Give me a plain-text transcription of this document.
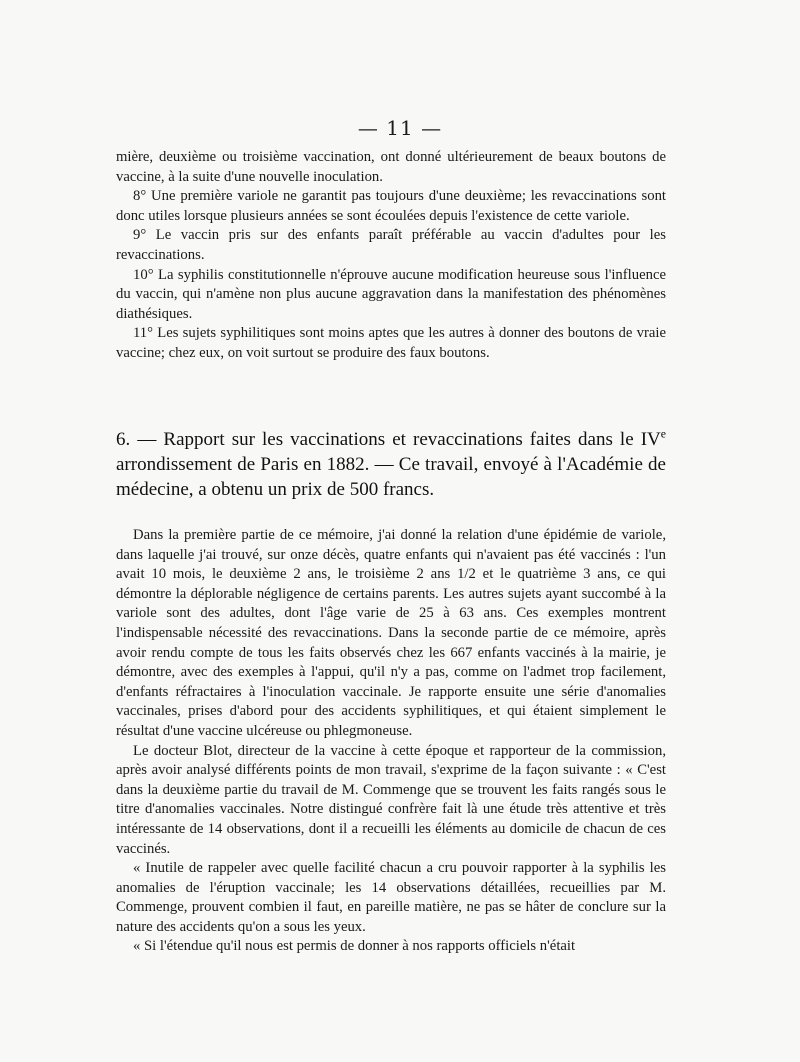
— 11 —

mière, deuxième ou troisième vaccination, ont donné ultérieurement de beaux boutons de vaccine, à la suite d'une nouvelle inoculation.

8° Une première variole ne garantit pas toujours d'une deuxième; les revaccinations sont donc utiles lorsque plusieurs années se sont écoulées depuis l'existence de cette variole.

9° Le vaccin pris sur des enfants paraît préférable au vaccin d'adultes pour les revaccinations.

10° La syphilis constitutionnelle n'éprouve aucune modification heureuse sous l'influence du vaccin, qui n'amène non plus aucune aggravation dans la manifestation des phénomènes diathésiques.

11° Les sujets syphilitiques sont moins aptes que les autres à donner des boutons de vraie vaccine; chez eux, on voit surtout se produire des faux boutons.

6. — Rapport sur les vaccinations et revaccinations faites dans le IVe arrondissement de Paris en 1882. — Ce travail, envoyé à l'Académie de médecine, a obtenu un prix de 500 francs.

Dans la première partie de ce mémoire, j'ai donné la relation d'une épidémie de variole, dans laquelle j'ai trouvé, sur onze décès, quatre enfants qui n'avaient pas été vaccinés : l'un avait 10 mois, le deuxième 2 ans, le troisième 2 ans 1/2 et le quatrième 3 ans, ce qui démontre la déplorable négligence de certains parents. Les autres sujets ayant succombé à la variole sont des adultes, dont l'âge varie de 25 à 63 ans. Ces exemples montrent l'indispensable nécessité des revaccinations. Dans la seconde partie de ce mémoire, après avoir rendu compte de tous les faits observés chez les 667 enfants vaccinés à la mairie, je démontre, avec des exemples à l'appui, qu'il n'y a pas, comme on l'admet trop facilement, d'enfants réfractaires à l'inoculation vaccinale. Je rapporte ensuite une série d'anomalies vaccinales, prises d'abord pour des accidents syphilitiques, et qui étaient simplement le résultat d'une vaccine ulcéreuse ou phlegmoneuse.

Le docteur Blot, directeur de la vaccine à cette époque et rapporteur de la commission, après avoir analysé différents points de mon travail, s'exprime de la façon suivante : « C'est dans la deuxième partie du travail de M. Commenge que se trouvent les faits rangés sous le titre d'anomalies vaccinales. Notre distingué confrère fait là une étude très attentive et très intéressante de 14 observations, dont il a recueilli les éléments au domicile de chacun de ces vaccinés.

« Inutile de rappeler avec quelle facilité chacun a cru pouvoir rapporter à la syphilis les anomalies de l'éruption vaccinale; les 14 observations détaillées, recueillies par M. Commenge, prouvent combien il faut, en pareille matière, ne pas se hâter de conclure sur la nature des accidents qu'on a sous les yeux.

« Si l'étendue qu'il nous est permis de donner à nos rapports officiels n'était
